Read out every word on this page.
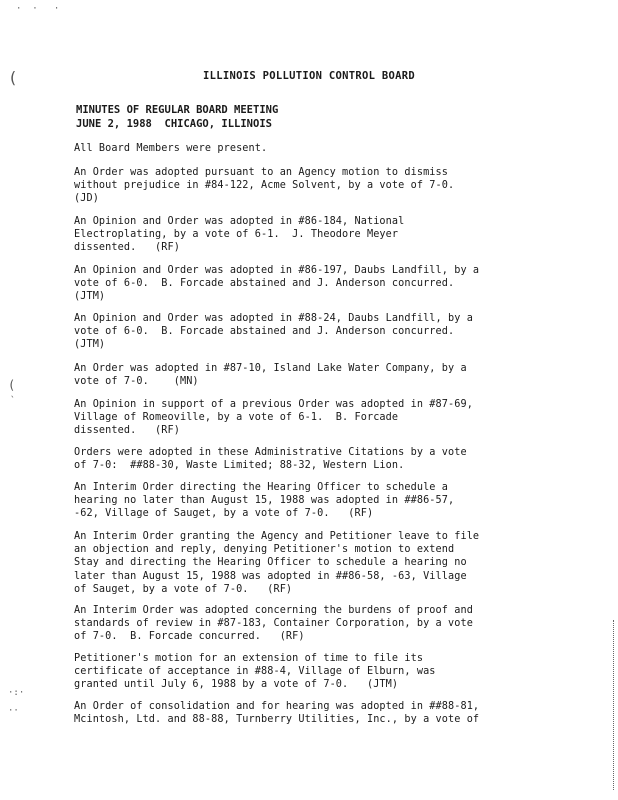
·  ·   ·
(
(
`
·:·
··
ILLINOIS POLLUTION CONTROL BOARD
MINUTES OF REGULAR BOARD MEETING
JUNE 2, 1988  CHICAGO, ILLINOIS
All Board Members were present.
An Order was adopted pursuant to an Agency motion to dismiss
without prejudice in #84-122, Acme Solvent, by a vote of 7-0.
(JD)
An Opinion and Order was adopted in #86-184, National
Electroplating, by a vote of 6-1.  J. Theodore Meyer
dissented.   (RF)
An Opinion and Order was adopted in #86-197, Daubs Landfill, by a
vote of 6-0.  B. Forcade abstained and J. Anderson concurred.
(JTM)
An Opinion and Order was adopted in #88-24, Daubs Landfill, by a
vote of 6-0.  B. Forcade abstained and J. Anderson concurred.
(JTM)
An Order was adopted in #87-10, Island Lake Water Company, by a
vote of 7-0.    (MN)
An Opinion in support of a previous Order was adopted in #87-69,
Village of Romeoville, by a vote of 6-1.  B. Forcade
dissented.   (RF)
Orders were adopted in these Administrative Citations by a vote
of 7-0:  ##88-30, Waste Limited; 88-32, Western Lion.
An Interim Order directing the Hearing Officer to schedule a
hearing no later than August 15, 1988 was adopted in ##86-57,
-62, Village of Sauget, by a vote of 7-0.   (RF)
An Interim Order granting the Agency and Petitioner leave to file
an objection and reply, denying Petitioner's motion to extend
Stay and directing the Hearing Officer to schedule a hearing no
later than August 15, 1988 was adopted in ##86-58, -63, Village
of Sauget, by a vote of 7-0.   (RF)
An Interim Order was adopted concerning the burdens of proof and
standards of review in #87-183, Container Corporation, by a vote
of 7-0.  B. Forcade concurred.   (RF)
Petitioner's motion for an extension of time to file its
certificate of acceptance in #88-4, Village of Elburn, was
granted until July 6, 1988 by a vote of 7-0.   (JTM)
An Order of consolidation and for hearing was adopted in ##88-81,
Mcintosh, Ltd. and 88-88, Turnberry Utilities, Inc., by a vote of
